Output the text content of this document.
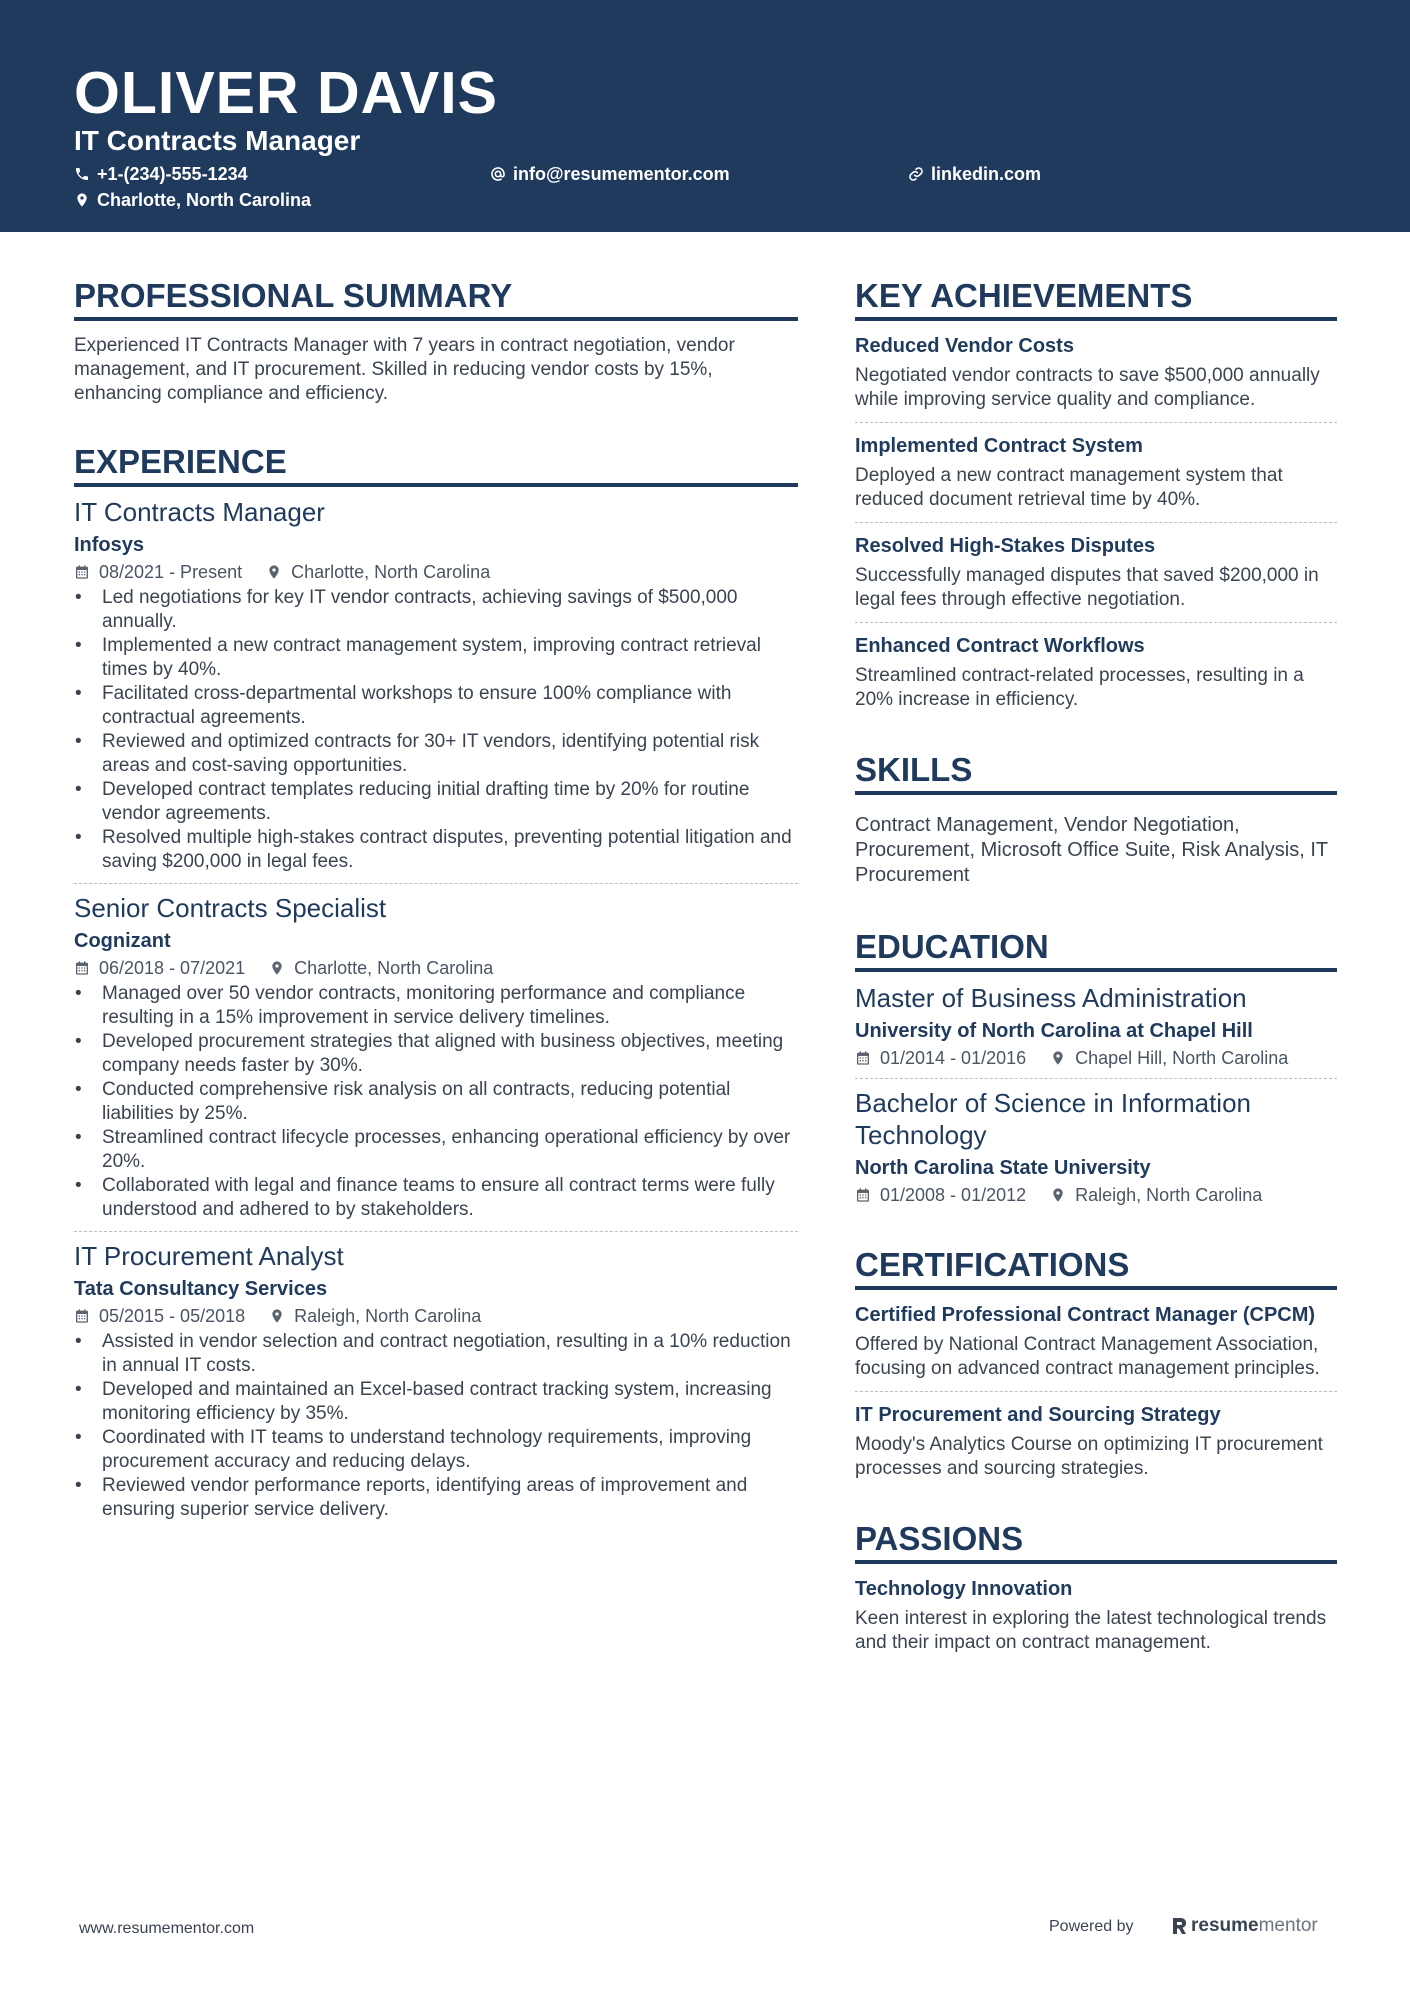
OLIVER DAVIS
IT Contracts Manager
+1-(234)-555-1234	info@resumementor.com	linkedin.com
Charlotte, North Carolina
PROFESSIONAL SUMMARY
Experienced IT Contracts Manager with 7 years in contract negotiation, vendor management, and IT procurement. Skilled in reducing vendor costs by 15%, enhancing compliance and efficiency.
EXPERIENCE
IT Contracts Manager
Infosys
08/2021 - Present	Charlotte, North Carolina
• Led negotiations for key IT vendor contracts, achieving savings of $500,000 annually.
• Implemented a new contract management system, improving contract retrieval times by 40%.
• Facilitated cross-departmental workshops to ensure 100% compliance with contractual agreements.
• Reviewed and optimized contracts for 30+ IT vendors, identifying potential risk areas and cost-saving opportunities.
• Developed contract templates reducing initial drafting time by 20% for routine vendor agreements.
• Resolved multiple high-stakes contract disputes, preventing potential litigation and saving $200,000 in legal fees.
Senior Contracts Specialist
Cognizant
06/2018 - 07/2021	Charlotte, North Carolina
• Managed over 50 vendor contracts, monitoring performance and compliance resulting in a 15% improvement in service delivery timelines.
• Developed procurement strategies that aligned with business objectives, meeting company needs faster by 30%.
• Conducted comprehensive risk analysis on all contracts, reducing potential liabilities by 25%.
• Streamlined contract lifecycle processes, enhancing operational efficiency by over 20%.
• Collaborated with legal and finance teams to ensure all contract terms were fully understood and adhered to by stakeholders.
IT Procurement Analyst
Tata Consultancy Services
05/2015 - 05/2018	Raleigh, North Carolina
• Assisted in vendor selection and contract negotiation, resulting in a 10% reduction in annual IT costs.
• Developed and maintained an Excel-based contract tracking system, increasing monitoring efficiency by 35%.
• Coordinated with IT teams to understand technology requirements, improving procurement accuracy and reducing delays.
• Reviewed vendor performance reports, identifying areas of improvement and ensuring superior service delivery.
KEY ACHIEVEMENTS
Reduced Vendor Costs
Negotiated vendor contracts to save $500,000 annually while improving service quality and compliance.
Implemented Contract System
Deployed a new contract management system that reduced document retrieval time by 40%.
Resolved High-Stakes Disputes
Successfully managed disputes that saved $200,000 in legal fees through effective negotiation.
Enhanced Contract Workflows
Streamlined contract-related processes, resulting in a 20% increase in efficiency.
SKILLS
Contract Management, Vendor Negotiation, Procurement, Microsoft Office Suite, Risk Analysis, IT Procurement
EDUCATION
Master of Business Administration
University of North Carolina at Chapel Hill
01/2014 - 01/2016	Chapel Hill, North Carolina
Bachelor of Science in Information Technology
North Carolina State University
01/2008 - 01/2012	Raleigh, North Carolina
CERTIFICATIONS
Certified Professional Contract Manager (CPCM)
Offered by National Contract Management Association, focusing on advanced contract management principles.
IT Procurement and Sourcing Strategy
Moody's Analytics Course on optimizing IT procurement processes and sourcing strategies.
PASSIONS
Technology Innovation
Keen interest in exploring the latest technological trends and their impact on contract management.
www.resumementor.com	Powered by	resume mentor
